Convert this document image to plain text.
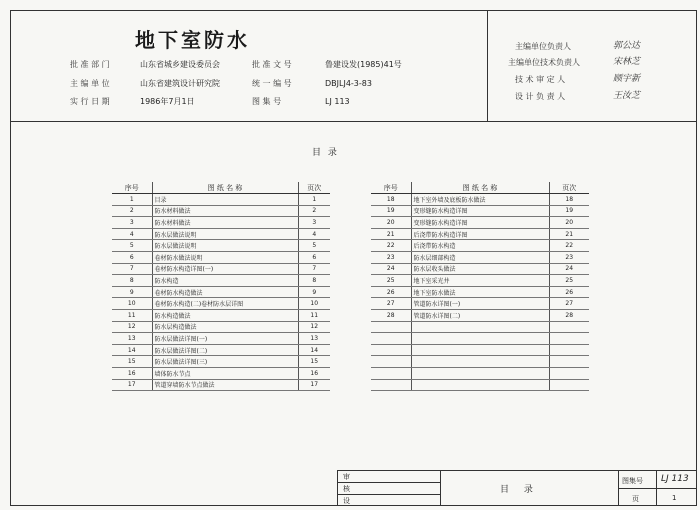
地下室防水
批 准 部 门	山东省城乡建设委员会
主 编 单 位	山东省建筑设计研究院
实 行 日 期	1986年7月1日
批 准 文 号	鲁建设发(1985)41号
统 一 编 号	DBJLJ4-3-83
图 集 号	LJ 113
主编单位负责人	郭公达
主编单位技术负责人	宋林芝
技 术 审 定 人	顾宇新
设 计 负 责 人	王汝芝
目 录
序号	图 纸 名 称	页次
1	目录	1
2	防水材料做法	2
3	防水材料做法	3
4	防水层做法说明	4
5	防水层做法说明	5
6	卷材防水做法说明	6
7	卷材防水构造详图(一)	7
8	防水构造	8
9	卷材防水构造做法	9
10	卷材防水构造(二)卷材防水层详图	10
11	防水构造做法	11
12	防水层构造做法	12
13	防水层做法详图(一)	13
14	防水层做法详图(二)	14
15	防水层做法详图(三)	15
16	墙体防水节点	16
17	管道穿墙防水节点做法	17
序号	图 纸 名 称	页次
18	地下室外墙及底板防水做法	18
19	变形缝防水构造详图	19
20	变形缝防水构造详图	20
21	后浇带防水构造详图	21
22	后浇带防水构造	22
23	防水层细部构造	23
24	防水层收头做法	24
25	地下室采光井	25
26	地下室防水做法	26
27	管道防水详图(一)	27
28	管道防水详图(二)	28

审
核
设
目 录
图集号 LJ 113
页	1
